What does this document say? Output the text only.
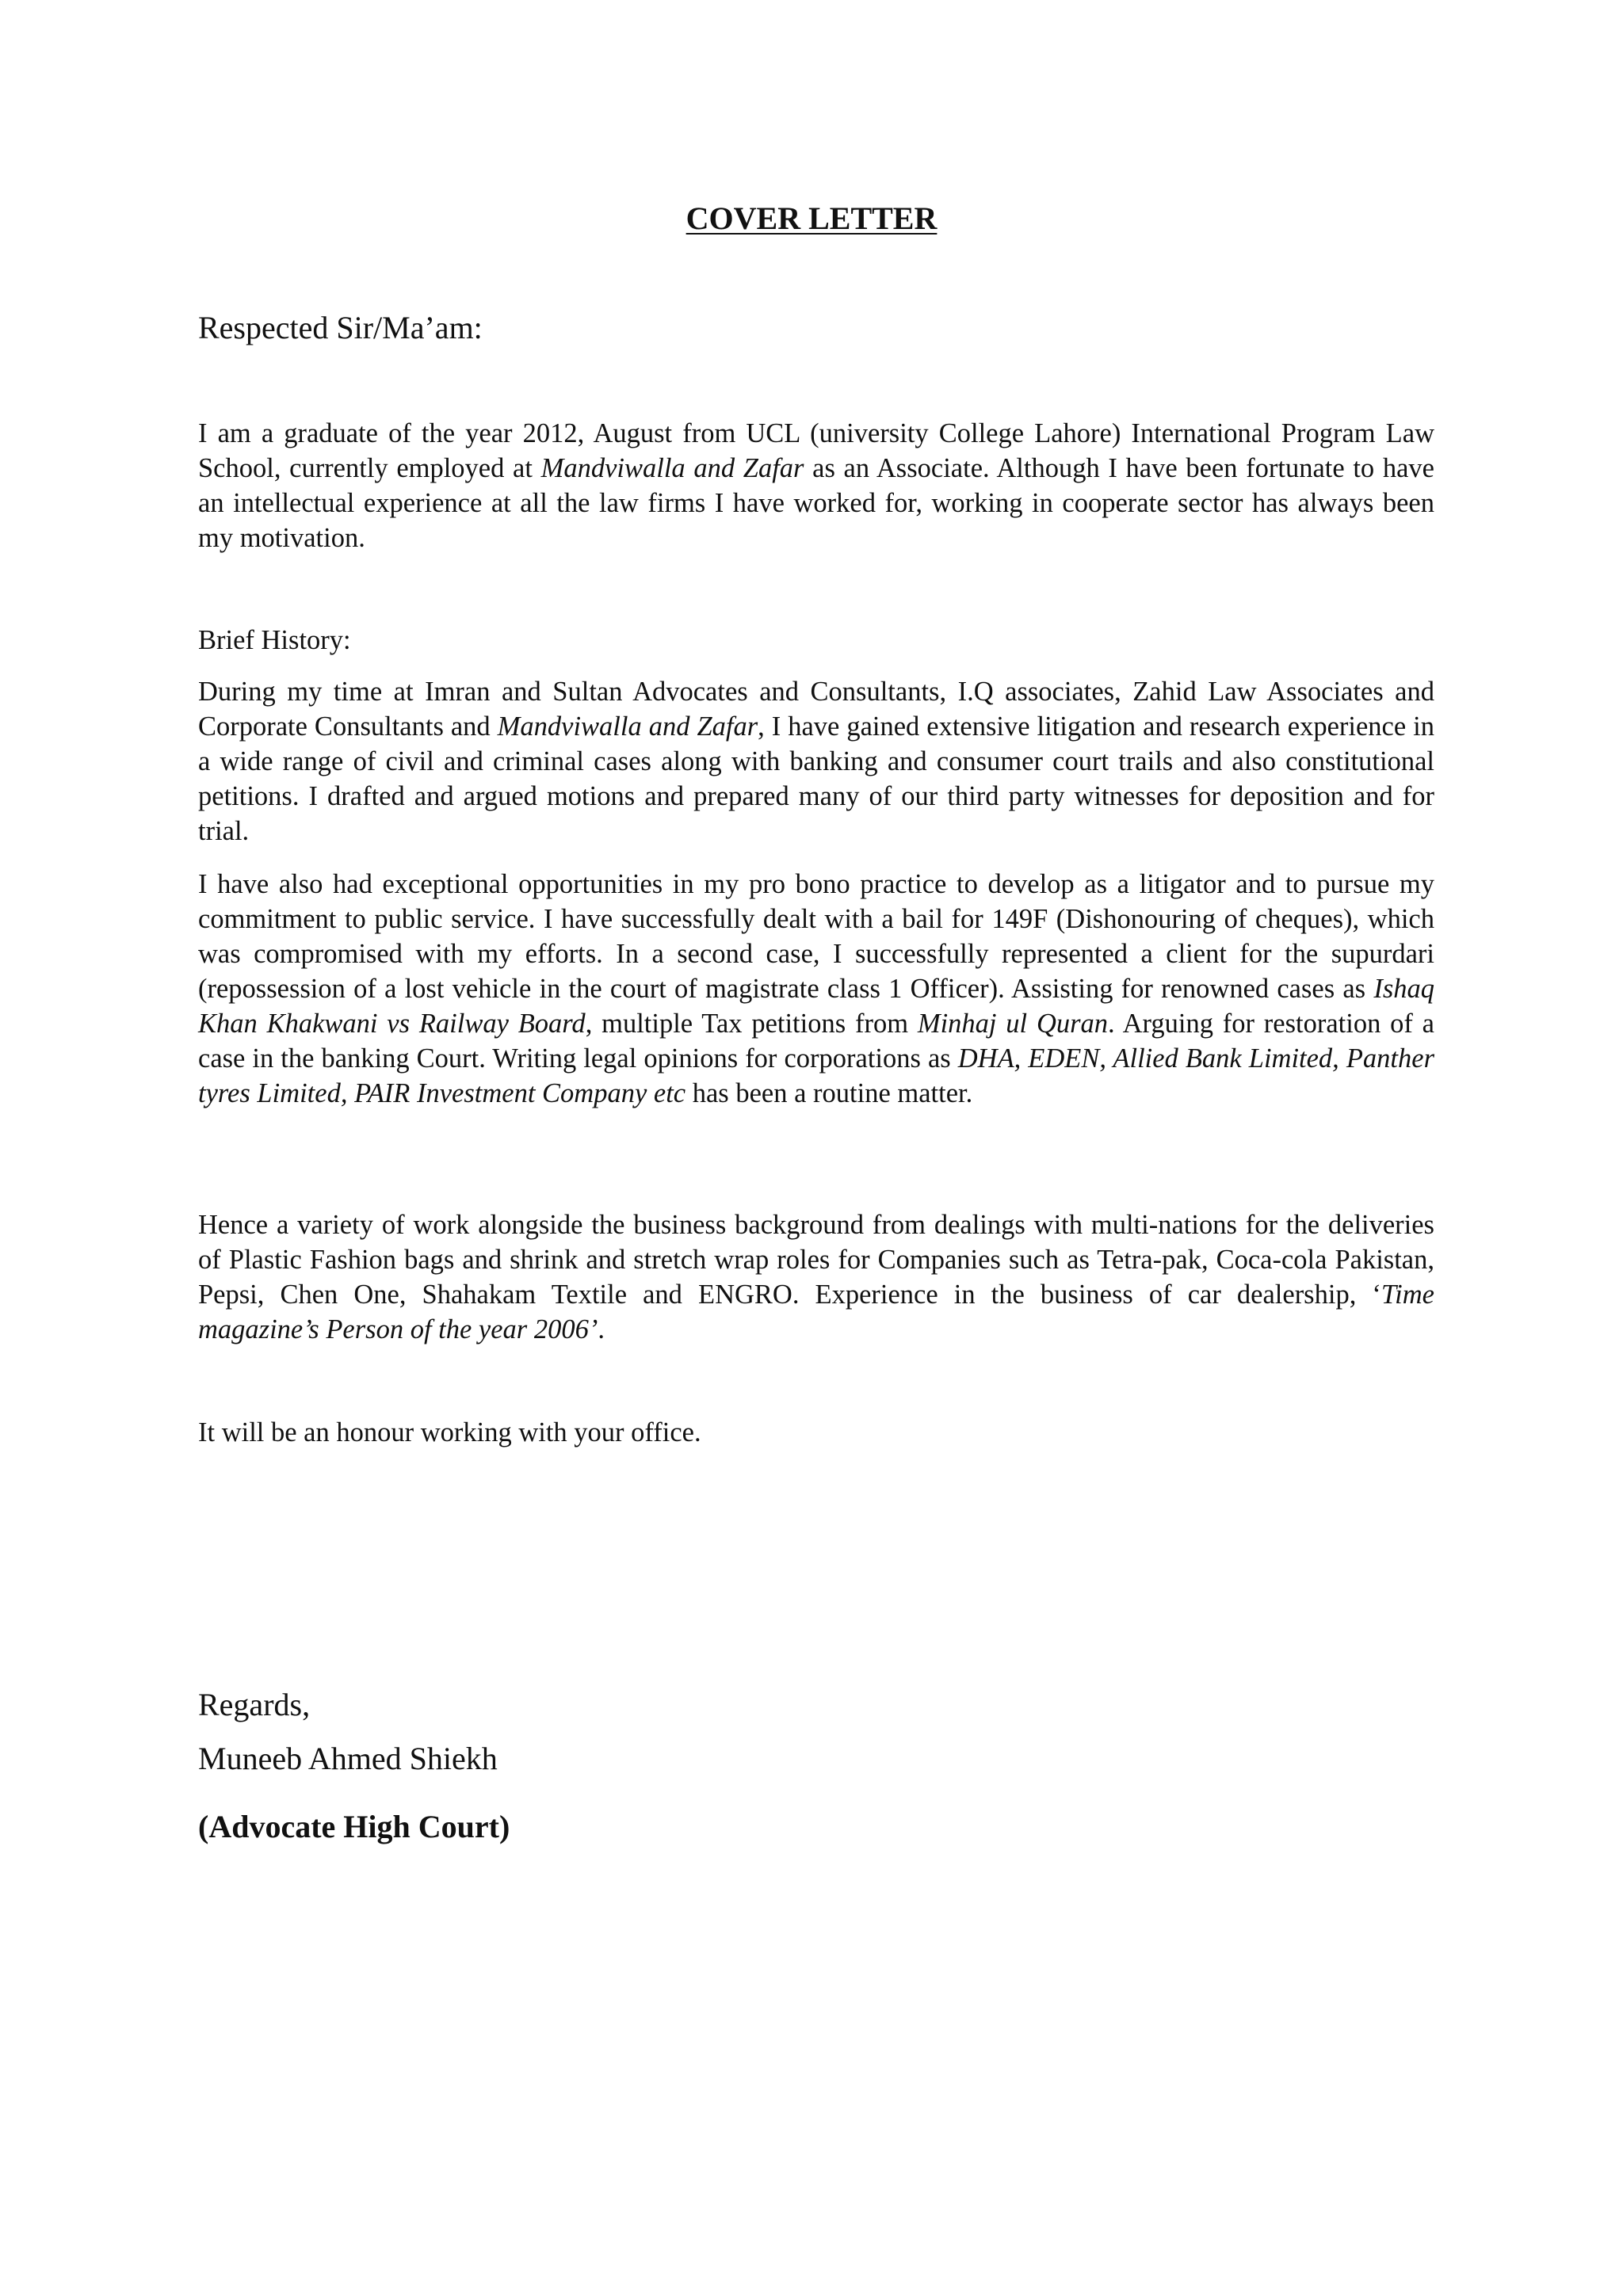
COVER LETTER
Respected Sir/Ma’am:

I am a graduate of the year 2012, August from UCL (university College Lahore) International Program Law School, currently employed at Mandviwalla and Zafar as an Associate. Although I have been fortunate to have an intellectual experience at all the law firms I have worked for, working in cooperate sector has always been my motivation.

Brief History:

During my time at Imran and Sultan Advocates and Consultants, I.Q associates, Zahid Law Associates and Corporate Consultants and Mandviwalla and Zafar, I have gained extensive litigation and research experience in a wide range of civil and criminal cases along with banking and consumer court trails and also constitutional petitions. I drafted and argued motions and prepared many of our third party witnesses for deposition and for trial.

I have also had exceptional opportunities in my pro bono practice to develop as a litigator and to pursue my commitment to public service. I have successfully dealt with a bail for 149F (Dishonouring of cheques), which was compromised with my efforts. In a second case, I successfully represented a client for the supurdari (repossession of a lost vehicle in the court of magistrate class 1 Officer). Assisting for renowned cases as Ishaq Khan Khakwani vs Railway Board, multiple Tax petitions from Minhaj ul Quran. Arguing for restoration of a case in the banking Court. Writing legal opinions for corporations as DHA, EDEN, Allied Bank Limited, Panther tyres Limited, PAIR Investment Company etc has been a routine matter.

Hence a variety of work alongside the business background from dealings with multi-nations for the deliveries of Plastic Fashion bags and shrink and stretch wrap roles for Companies such as Tetra-pak, Coca-cola Pakistan, Pepsi, Chen One, Shahakam Textile and ENGRO. Experience in the business of car dealership, ‘Time magazine’s Person of the year 2006’.

It will be an honour working with your office.

Regards,
Muneeb Ahmed Shiekh
(Advocate High Court)
